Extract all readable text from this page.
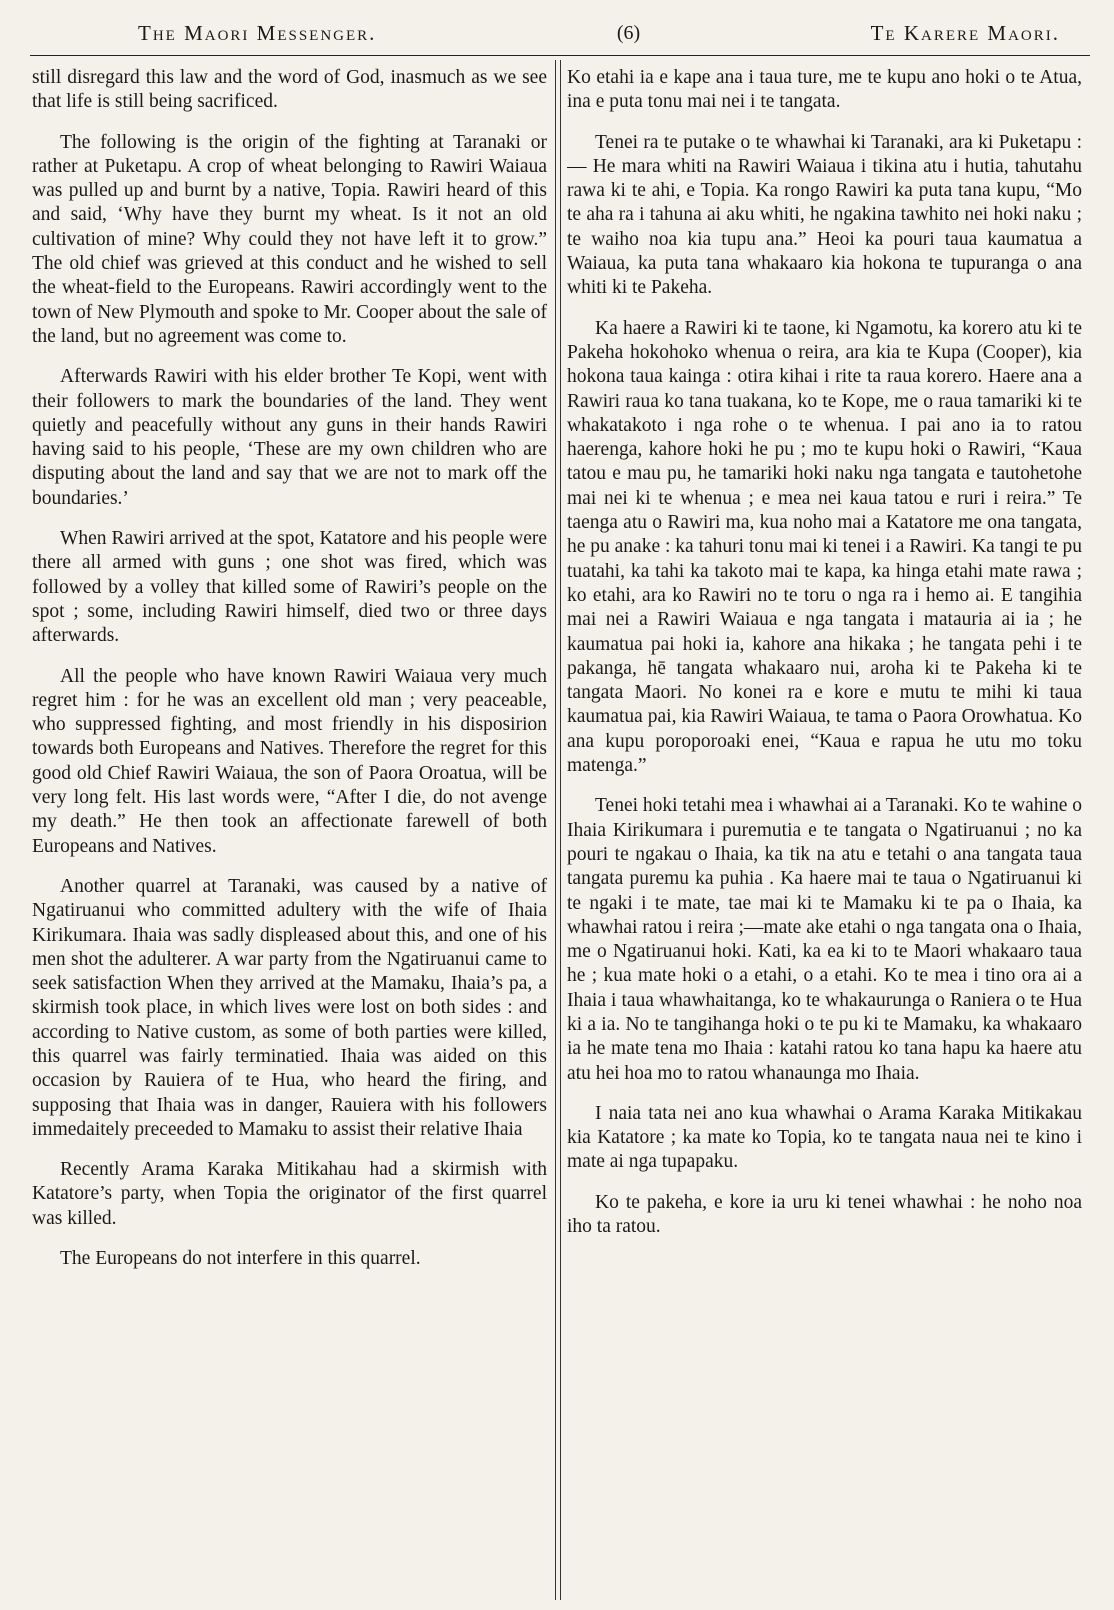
The Maori Messenger.	(6)	Te Karere Maori.

still disregard this law and the word of God, inasmuch as we see that life is still being sacrificed.

The following is the origin of the fighting at Taranaki or rather at Puketapu. A crop of wheat belonging to Rawiri Waiaua was pulled up and burnt by a native, Topia. Rawiri heard of this and said, ‘Why have they burnt my wheat. Is it not an old cultivation of mine? Why could they not have left it to grow.” The old chief was grieved at this conduct and he wished to sell the wheat-field to the Europeans. Rawiri accordingly went to the town of New Plymouth and spoke to Mr. Cooper about the sale of the land, but no agreement was come to.

Afterwards Rawiri with his elder brother Te Kopi, went with their followers to mark the boundaries of the land. They went quietly and peacefully without any guns in their hands Rawiri having said to his people, ‘These are my own children who are disputing about the land and say that we are not to mark off the boundaries.’

When Rawiri arrived at the spot, Katatore and his people were there all armed with guns ; one shot was fired, which was followed by a volley that killed some of Rawiri’s people on the spot ; some, including Rawiri himself, died two or three days afterwards.

All the people who have known Rawiri Waiaua very much regret him : for he was an excellent old man ; very peaceable, who suppressed fighting, and most friendly in his disposirion towards both Europeans and Natives. Therefore the regret for this good old Chief Rawiri Waiaua, the son of Paora Oroatua, will be very long felt. His last words were, “After I die, do not avenge my death.” He then took an affectionate farewell of both Europeans and Natives.

Another quarrel at Taranaki, was caused by a native of Ngatiruanui who committed adultery with the wife of Ihaia Kirikumara. Ihaia was sadly displeased about this, and one of his men shot the adulterer. A war party from the Ngatiruanui came to seek satisfaction When they arrived at the Mamaku, Ihaia’s pa, a skirmish took place, in which lives were lost on both sides : and according to Native custom, as some of both parties were killed, this quarrel was fairly terminatied. Ihaia was aided on this occasion by Rauiera of te Hua, who heard the firing, and supposing that Ihaia was in danger, Rauiera with his followers immedaitely preceeded to Mamaku to assist their relative Ihaia

Recently Arama Karaka Mitikahau had a skirmish with Katatore’s party, when Topia the originator of the first quarrel was killed.

The Europeans do not interfere in this quarrel.

Ko etahi ia e kape ana i taua ture, me te kupu ano hoki o te Atua, ina e puta tonu mai nei i te tangata.

Tenei ra te putake o te whawhai ki Taranaki, ara ki Puketapu :— He mara whiti na Rawiri Waiaua i tikina atu i hutia, tahutahu rawa ki te ahi, e Topia. Ka rongo Rawiri ka puta tana kupu, “Mo te aha ra i tahuna ai aku whiti, he ngakina tawhito nei hoki naku ; te waiho noa kia tupu ana.” Heoi ka pouri taua kaumatua a Waiaua, ka puta tana whakaaro kia hokona te tupuranga o ana whiti ki te Pakeha.

Ka haere a Rawiri ki te taone, ki Ngamotu, ka korero atu ki te Pakeha hokohoko whenua o reira, ara kia te Kupa (Cooper), kia hokona taua kainga : otira kihai i rite ta raua korero. Haere ana a Rawiri raua ko tana tuakana, ko te Kope, me o raua tamariki ki te whakatakoto i nga rohe o te whenua. I pai ano ia to ratou haerenga, kahore hoki he pu ; mo te kupu hoki o Rawiri, “Kaua tatou e mau pu, he tamariki hoki naku nga tangata e tautohetohe mai nei ki te whenua ; e mea nei kaua tatou e ruri i reira.” Te taenga atu o Rawiri ma, kua noho mai a Katatore me ona tangata, he pu anake : ka tahuri tonu mai ki tenei i a Rawiri. Ka tangi te pu tuatahi, ka tahi ka takoto mai te kapa, ka hinga etahi mate rawa ; ko etahi, ara ko Rawiri no te toru o nga ra i hemo ai. E tangihia mai nei a Rawiri Waiaua e nga tangata i matauria ai ia ; he kaumatua pai hoki ia, kahore ana hikaka ; he tangata pehi i te pakanga, hē tangata whakaaro nui, aroha ki te Pakeha ki te tangata Maori. No konei ra e kore e mutu te mihi ki taua kaumatua pai, kia Rawiri Waiaua, te tama o Paora Orowhatua. Ko ana kupu poroporoaki enei, “Kaua e rapua he utu mo toku matenga.”

Tenei hoki tetahi mea i whawhai ai a Taranaki. Ko te wahine o Ihaia Kirikumara i puremutia e te tangata o Ngatiruanui ; no ka pouri te ngakau o Ihaia, ka tik na atu e tetahi o ana tangata taua tangata puremu ka puhia . Ka haere mai te taua o Ngatiruanui ki te ngaki i te mate, tae mai ki te Mamaku ki te pa o Ihaia, ka whawhai ratou i reira ;—mate ake etahi o nga tangata ona o Ihaia, me o Ngatiruanui hoki. Kati, ka ea ki to te Maori whakaaro taua he ; kua mate hoki o a etahi, o a etahi. Ko te mea i tino ora ai a Ihaia i taua whawhaitanga, ko te whakaurunga o Raniera o te Hua ki a ia. No te tangihanga hoki o te pu ki te Mamaku, ka whakaaro ia he mate tena mo Ihaia : katahi ratou ko tana hapu ka haere atu atu hei hoa mo to ratou whanaunga mo Ihaia.

I naia tata nei ano kua whawhai o Arama Karaka Mitikakau kia Katatore ; ka mate ko Topia, ko te tangata naua nei te kino i mate ai nga tupapaku.

Ko te pakeha, e kore ia uru ki tenei whawhai : he noho noa iho ta ratou.
